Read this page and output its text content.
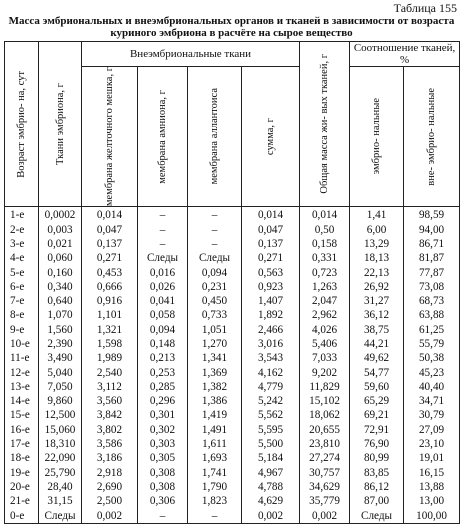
Таблица 155
Масса эмбриональных и внеэмбриональных органов и тканей в зависимости от возраста куриного эмбриона в расчёте на сырое вещество
Возраст эмбрио- на, сут	Ткани эмбриона, г	Внеэмбриональные ткани				Общая масса жи- вых тканей, г	Соотношение тканей, %	

		мембрана желточного мешка, г	мембрана амниона, г	мембрана аллантоиса	сумма, г		эмбрио- нальные	вне- эмбрио- нальные

1-е	0,0002	0,014	–	–	0,014	0,014	1,41	98,59
2-е	0,003	0,047	–	–	0,047	0,50	6,00	94,00
3-е	0,021	0,137	–	–	0,137	0,158	13,29	86,71
4-е	0,060	0,271	Следы	Следы	0,271	0,331	18,13	81,87
5-е	0,160	0,453	0,016	0,094	0,563	0,723	22,13	77,87
6-е	0,340	0,666	0,026	0,231	0,923	1,263	26,92	73,08
7-е	0,640	0,916	0,041	0,450	1,407	2,047	31,27	68,73
8-е	1,070	1,101	0,058	0,733	1,892	2,962	36,12	63,88
9-е	1,560	1,321	0,094	1,051	2,466	4,026	38,75	61,25
10-е	2,390	1,598	0,148	1,270	3,016	5,406	44,21	55,79
11-е	3,490	1,989	0,213	1,341	3,543	7,033	49,62	50,38
12-е	5,040	2,540	0,253	1,369	4,162	9,202	54,77	45,23
13-е	7,050	3,112	0,285	1,382	4,779	11,829	59,60	40,40
14-е	9,860	3,560	0,296	1,386	5,242	15,102	65,29	34,71
15-е	12,500	3,842	0,301	1,419	5,562	18,062	69,21	30,79
16-е	15,060	3,802	0,302	1,491	5,595	20,655	72,91	27,09
17-е	18,310	3,586	0,303	1,611	5,500	23,810	76,90	23,10
18-е	22,090	3,186	0,305	1,693	5,184	27,274	80,99	19,01
19-е	25,790	2,918	0,308	1,741	4,967	30,757	83,85	16,15
20-е	28,40	2,690	0,308	1,790	4,788	34,629	86,12	13,88
21-е	31,15	2,500	0,306	1,823	4,629	35,779	87,00	13,00
0-е	Следы	0,002	–	–	0,002	0,002	Следы	100,00
